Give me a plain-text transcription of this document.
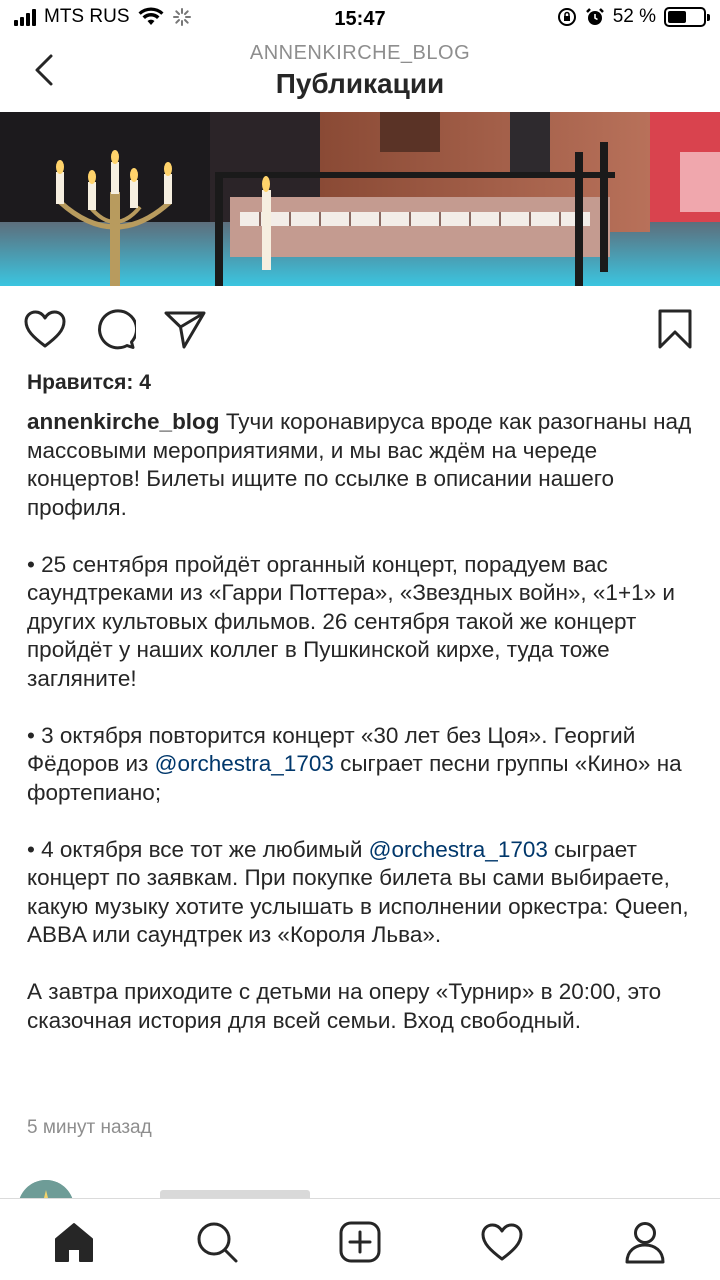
MTS RUS	15:47	52 %
ANNENKIRCHE_BLOG
Публикации
Нравится: 4

annenkirche_blog Тучи коронавируса вроде как разогнаны над массовыми мероприятиями, и мы вас ждём на череде концертов! Билеты ищите по ссылке в описании нашего профиля.

• 25 сентября пройдёт органный концерт, порадуем вас саундтреками из «Гарри Поттера», «Звездных войн», «1+1» и других культовых фильмов. 26 сентября такой же концерт пройдёт у наших коллег в Пушкинской кирхе, туда тоже загляните!

• 3 октября повторится концерт «30 лет без Цоя». Георгий Фёдоров из @orchestra_1703 сыграет песни группы «Кино» на фортепиано;

• 4 октября все тот же любимый @orchestra_1703 сыграет концерт по заявкам. При покупке билета вы сами выбираете, какую музыку хотите услышать в исполнении оркестра: Queen, ABBA или саундтрек из «Короля Льва».

А завтра приходите с детьми на оперу «Турнир» в 20:00, это сказочная история для всей семьи. Вход свободный.

5 минут назад
